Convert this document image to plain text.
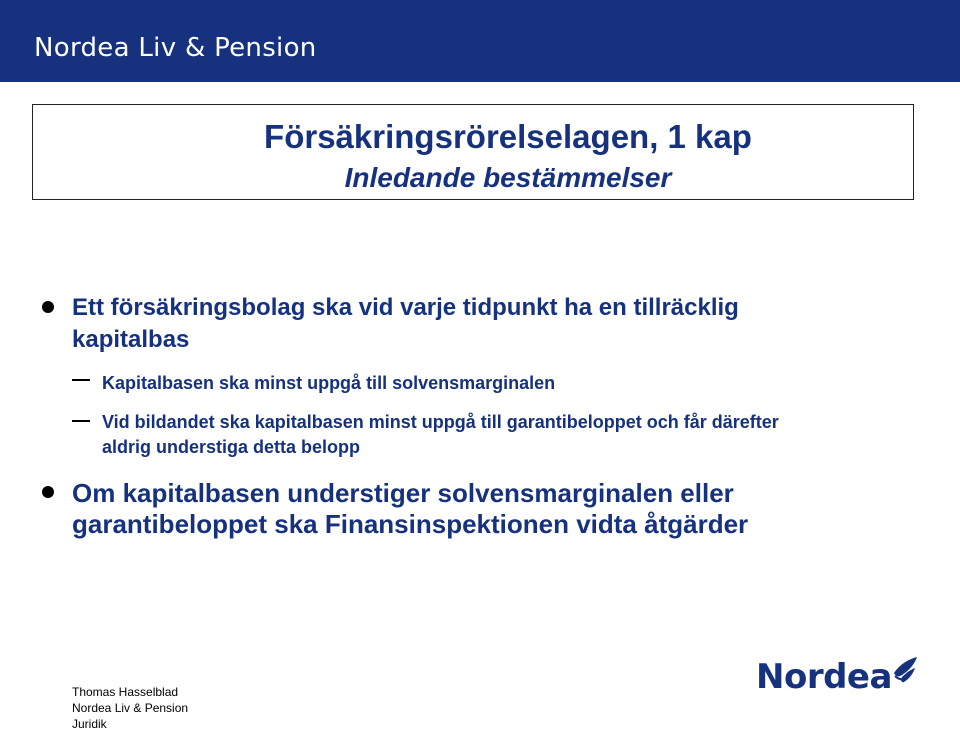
Nordea Liv & Pension
Försäkringsrörelselagen, 1 kap
Inledande bestämmelser
Ett försäkringsbolag ska vid varje tidpunkt ha en tillräcklig
kapitalbas
Kapitalbasen ska minst uppgå till solvensmarginalen
Vid bildandet ska kapitalbasen minst uppgå till garantibeloppet och får därefter
aldrig understiga detta belopp
Om kapitalbasen understiger solvensmarginalen eller
garantibeloppet ska Finansinspektionen vidta åtgärder
Thomas Hasselblad
Nordea Liv & Pension
Juridik
Nordea
